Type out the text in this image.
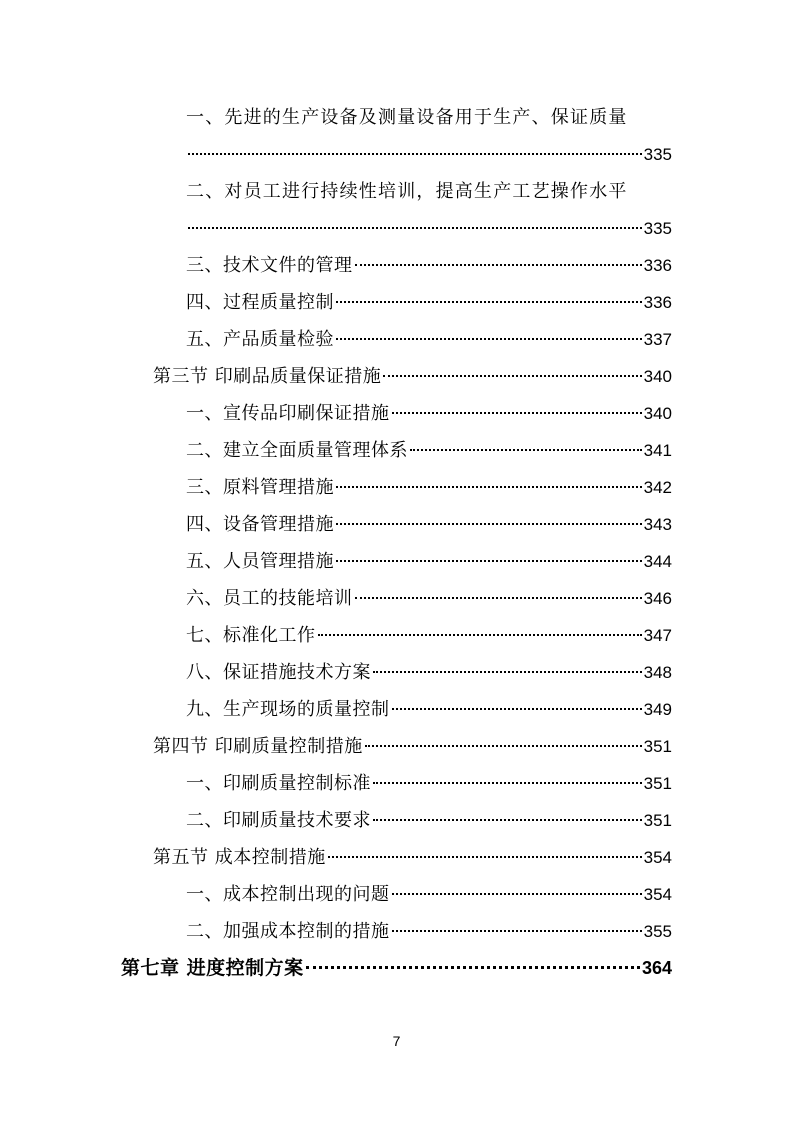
一、先进的生产设备及测量设备用于生产、保证质量
335
二、对员工进行持续性培训，提高生产工艺操作水平
335
三、技术文件的管理	336
四、过程质量控制	336
五、产品质量检验	337
第三节 印刷品质量保证措施	340
一、宣传品印刷保证措施	340
二、建立全面质量管理体系	341
三、原料管理措施	342
四、设备管理措施	343
五、人员管理措施	344
六、员工的技能培训	346
七、标准化工作	347
八、保证措施技术方案	348
九、生产现场的质量控制	349
第四节 印刷质量控制措施	351
一、印刷质量控制标准	351
二、印刷质量技术要求	351
第五节 成本控制措施	354
一、成本控制出现的问题	354
二、加强成本控制的措施	355
第七章 进度控制方案	364
7
